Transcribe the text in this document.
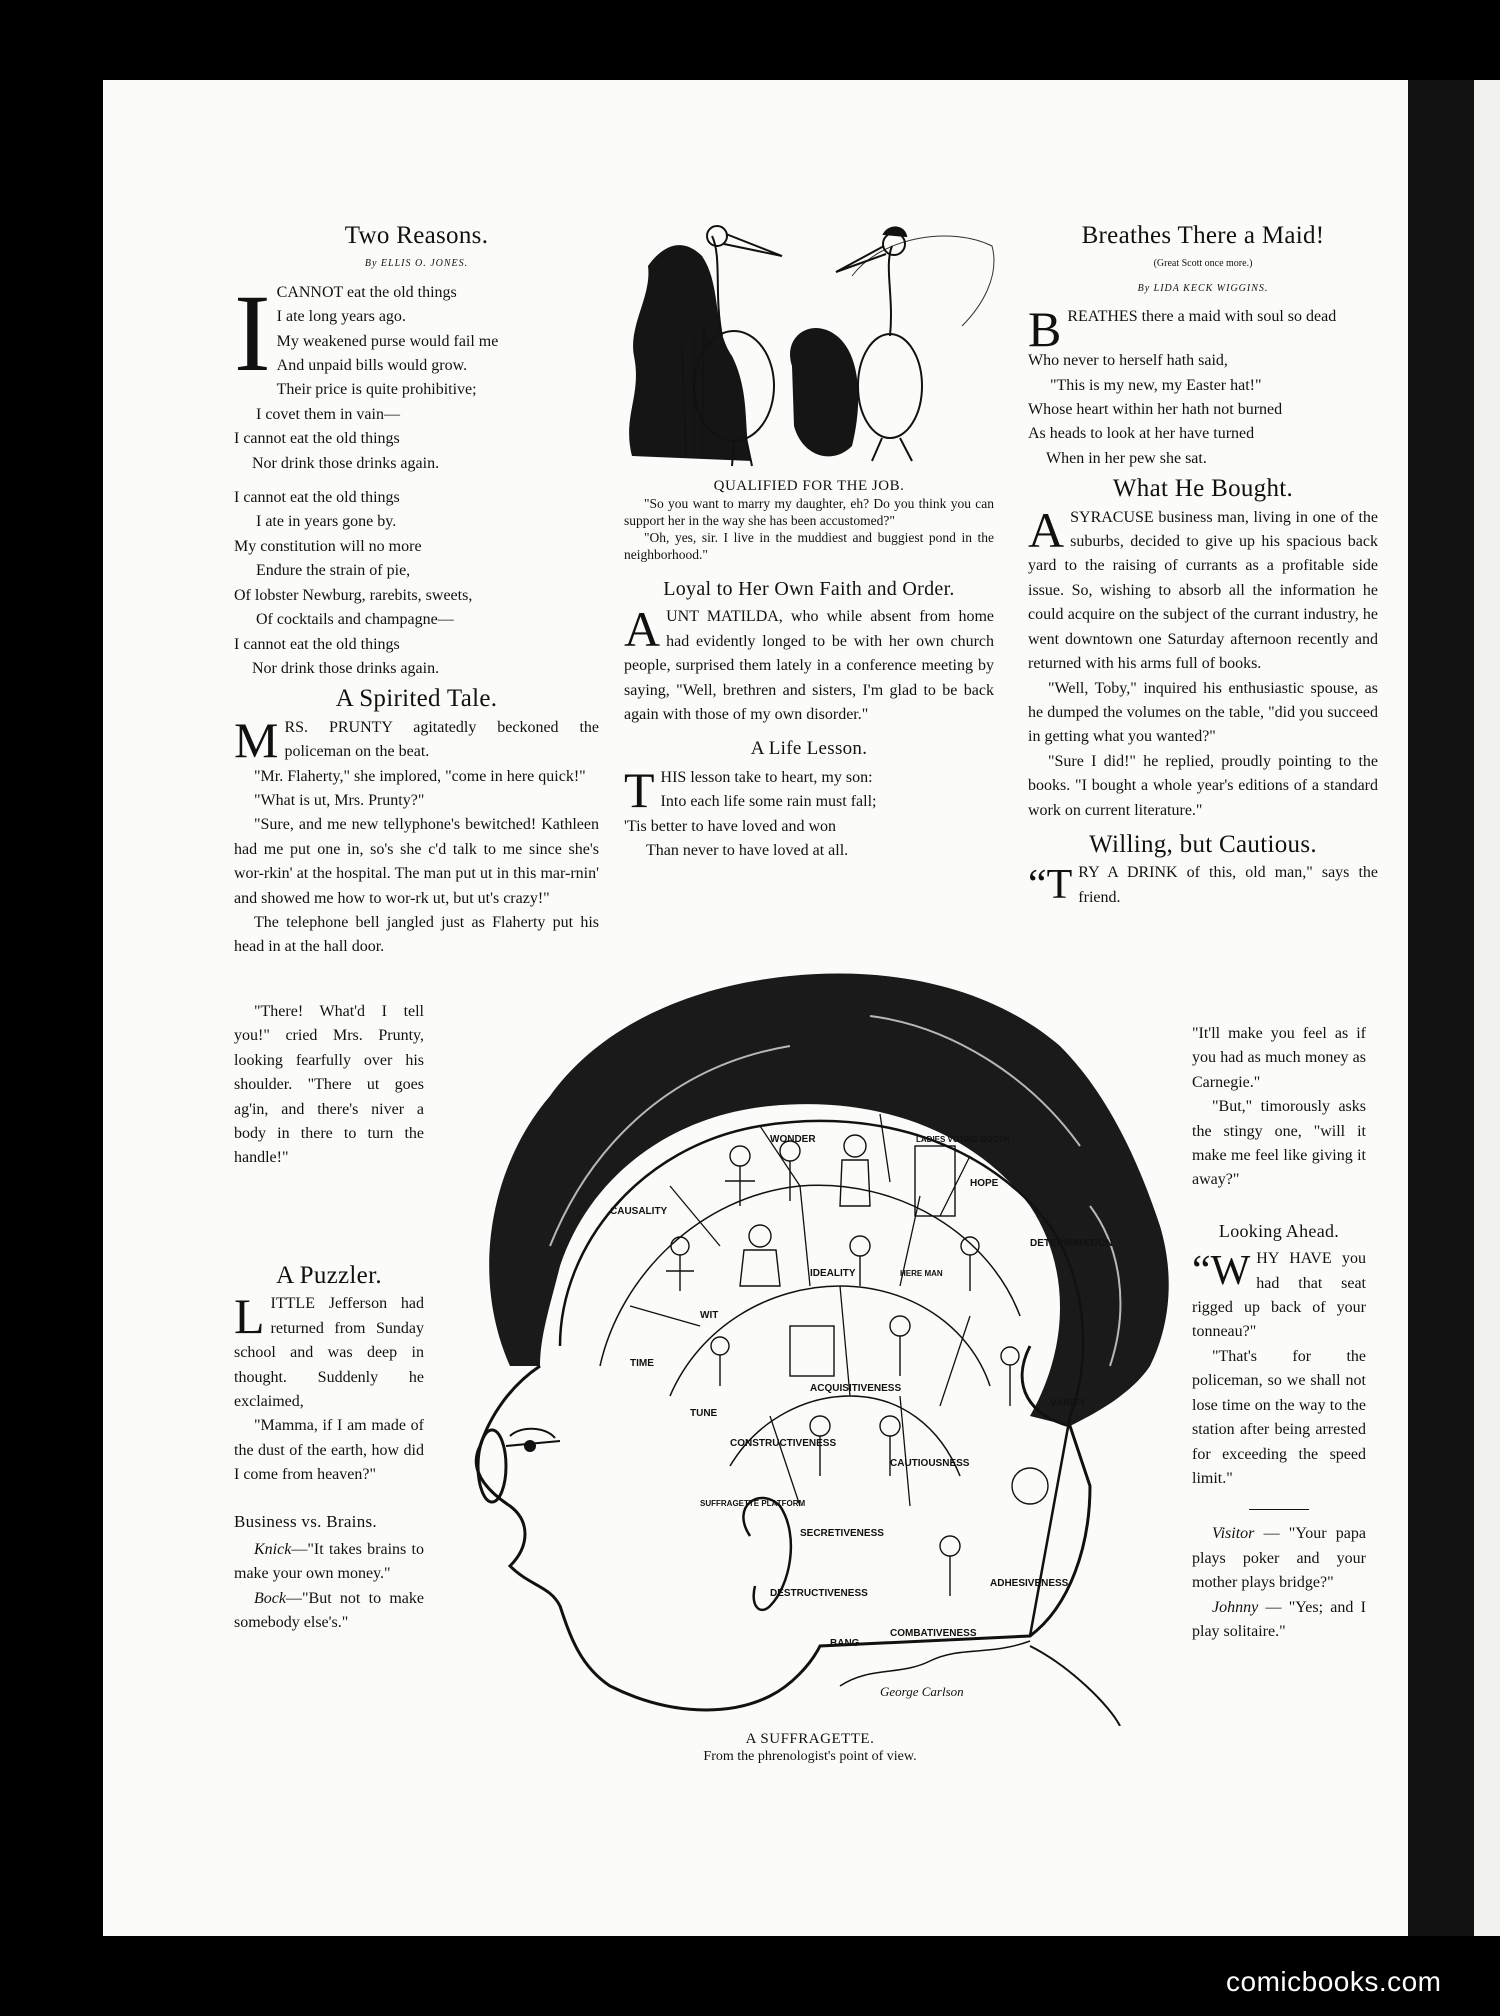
Two Reasons.
By ELLIS O. JONES.
I CANNOT eat the old things

I ate long years ago.

My weakened purse would fail me

And unpaid bills would grow.

Their price is quite prohibitive;

I covet them in vain—

I cannot eat the old things

Nor drink those drinks again.

I cannot eat the old things

I ate in years gone by.

My constitution will no more

Endure the strain of pie,

Of lobster Newburg, rarebits, sweets,

Of cocktails and champagne—

I cannot eat the old things

Nor drink those drinks again.

A Spirited Tale.

MRS. PRUNTY agitatedly beckoned the policeman on the beat.

"Mr. Flaherty," she implored, "come in here quick!"

"What is ut, Mrs. Prunty?"

"Sure, and me new tellyphone's bewitched! Kathleen had me put one in, so's she c'd talk to me since she's wor-rkin' at the hospital. The man put ut in this mar-rnin' and showed me how to wor-rk ut, but ut's crazy!"

The telephone bell jangled just as Flaherty put his head in at the hall door.

"There! What'd I tell you!" cried Mrs. Prunty, looking fearfully over his shoulder. "There ut goes ag'in, and there's niver a body in there to turn the handle!"

A Puzzler.

LITTLE Jefferson had returned from Sunday school and was deep in thought. Suddenly he exclaimed,

"Mamma, if I am made of the dust of the earth, how did I come from heaven?"

Business vs. Brains.

Knick—"It takes brains to make your own money."

Bock—"But not to make somebody else's."

QUALIFIED FOR THE JOB.

"So you want to marry my daughter, eh? Do you think you can support her in the way she has been accustomed?"

"Oh, yes, sir. I live in the muddiest and buggiest pond in the neighborhood."

Loyal to Her Own Faith and Order.

AUNT MATILDA, who while absent from home had evidently longed to be with her own church people, surprised them lately in a conference meeting by saying, "Well, brethren and sisters, I'm glad to be back again with those of my own disorder."

A Life Lesson.
T HIS lesson take to heart, my son:

Into each life some rain must fall;

'Tis better to have loved and won

Than never to have loved at all.

Breathes There a Maid!
(Great Scott once more.)
By LIDA KECK WIGGINS.
B REATHES there a maid with soul so dead

Who never to herself hath said,

"This is my new, my Easter hat!"

Whose heart within her hath not burned

As heads to look at her have turned

When in her pew she sat.

What He Bought.

ASYRACUSE business man, living in one of the suburbs, decided to give up his spacious back yard to the raising of currants as a profitable side issue. So, wishing to absorb all the information he could acquire on the subject of the currant industry, he went downtown one Saturday afternoon recently and returned with his arms full of books.

"Well, Toby," inquired his enthusiastic spouse, as he dumped the volumes on the table, "did you succeed in getting what you wanted?"

"Sure I did!" he replied, proudly pointing to the books. "I bought a whole year's editions of a standard work on current literature."

Willing, but Cautious.

“TRY A DRINK of this, old man," says the friend.

"It'll make you feel as if you had as much money as Carnegie."

"But," timorously asks the stingy one, "will it make me feel like giving it away?"

Looking Ahead.

“WHY HAVE you had that seat rigged up back of your tonneau?"

"That's for the policeman, so we shall not lose time on the way to the station after being arrested for exceeding the speed limit."

Visitor — "Your papa plays poker and your mother plays bridge?"

Johnny — "Yes; and I play solitaire."

WONDER
CAUSALITY
LADIES VOTING BOOTH
HOPE
DETERMINATION
IDEALITY
WIT
TIME
HERE MAN
VANITY
ACQUISITIVENESS
TUNE
CONSTRUCTIVENESS
CAUTIOUSNESS
SUFFRAGETTE PLATFORM
SECRETIVENESS
DESTRUCTIVENESS
ADHESIVENESS
COMBATIVENESS
BANG
George Carlson
A SUFFRAGETTE.
From the phrenologist's point of view.
comicbooks.com
